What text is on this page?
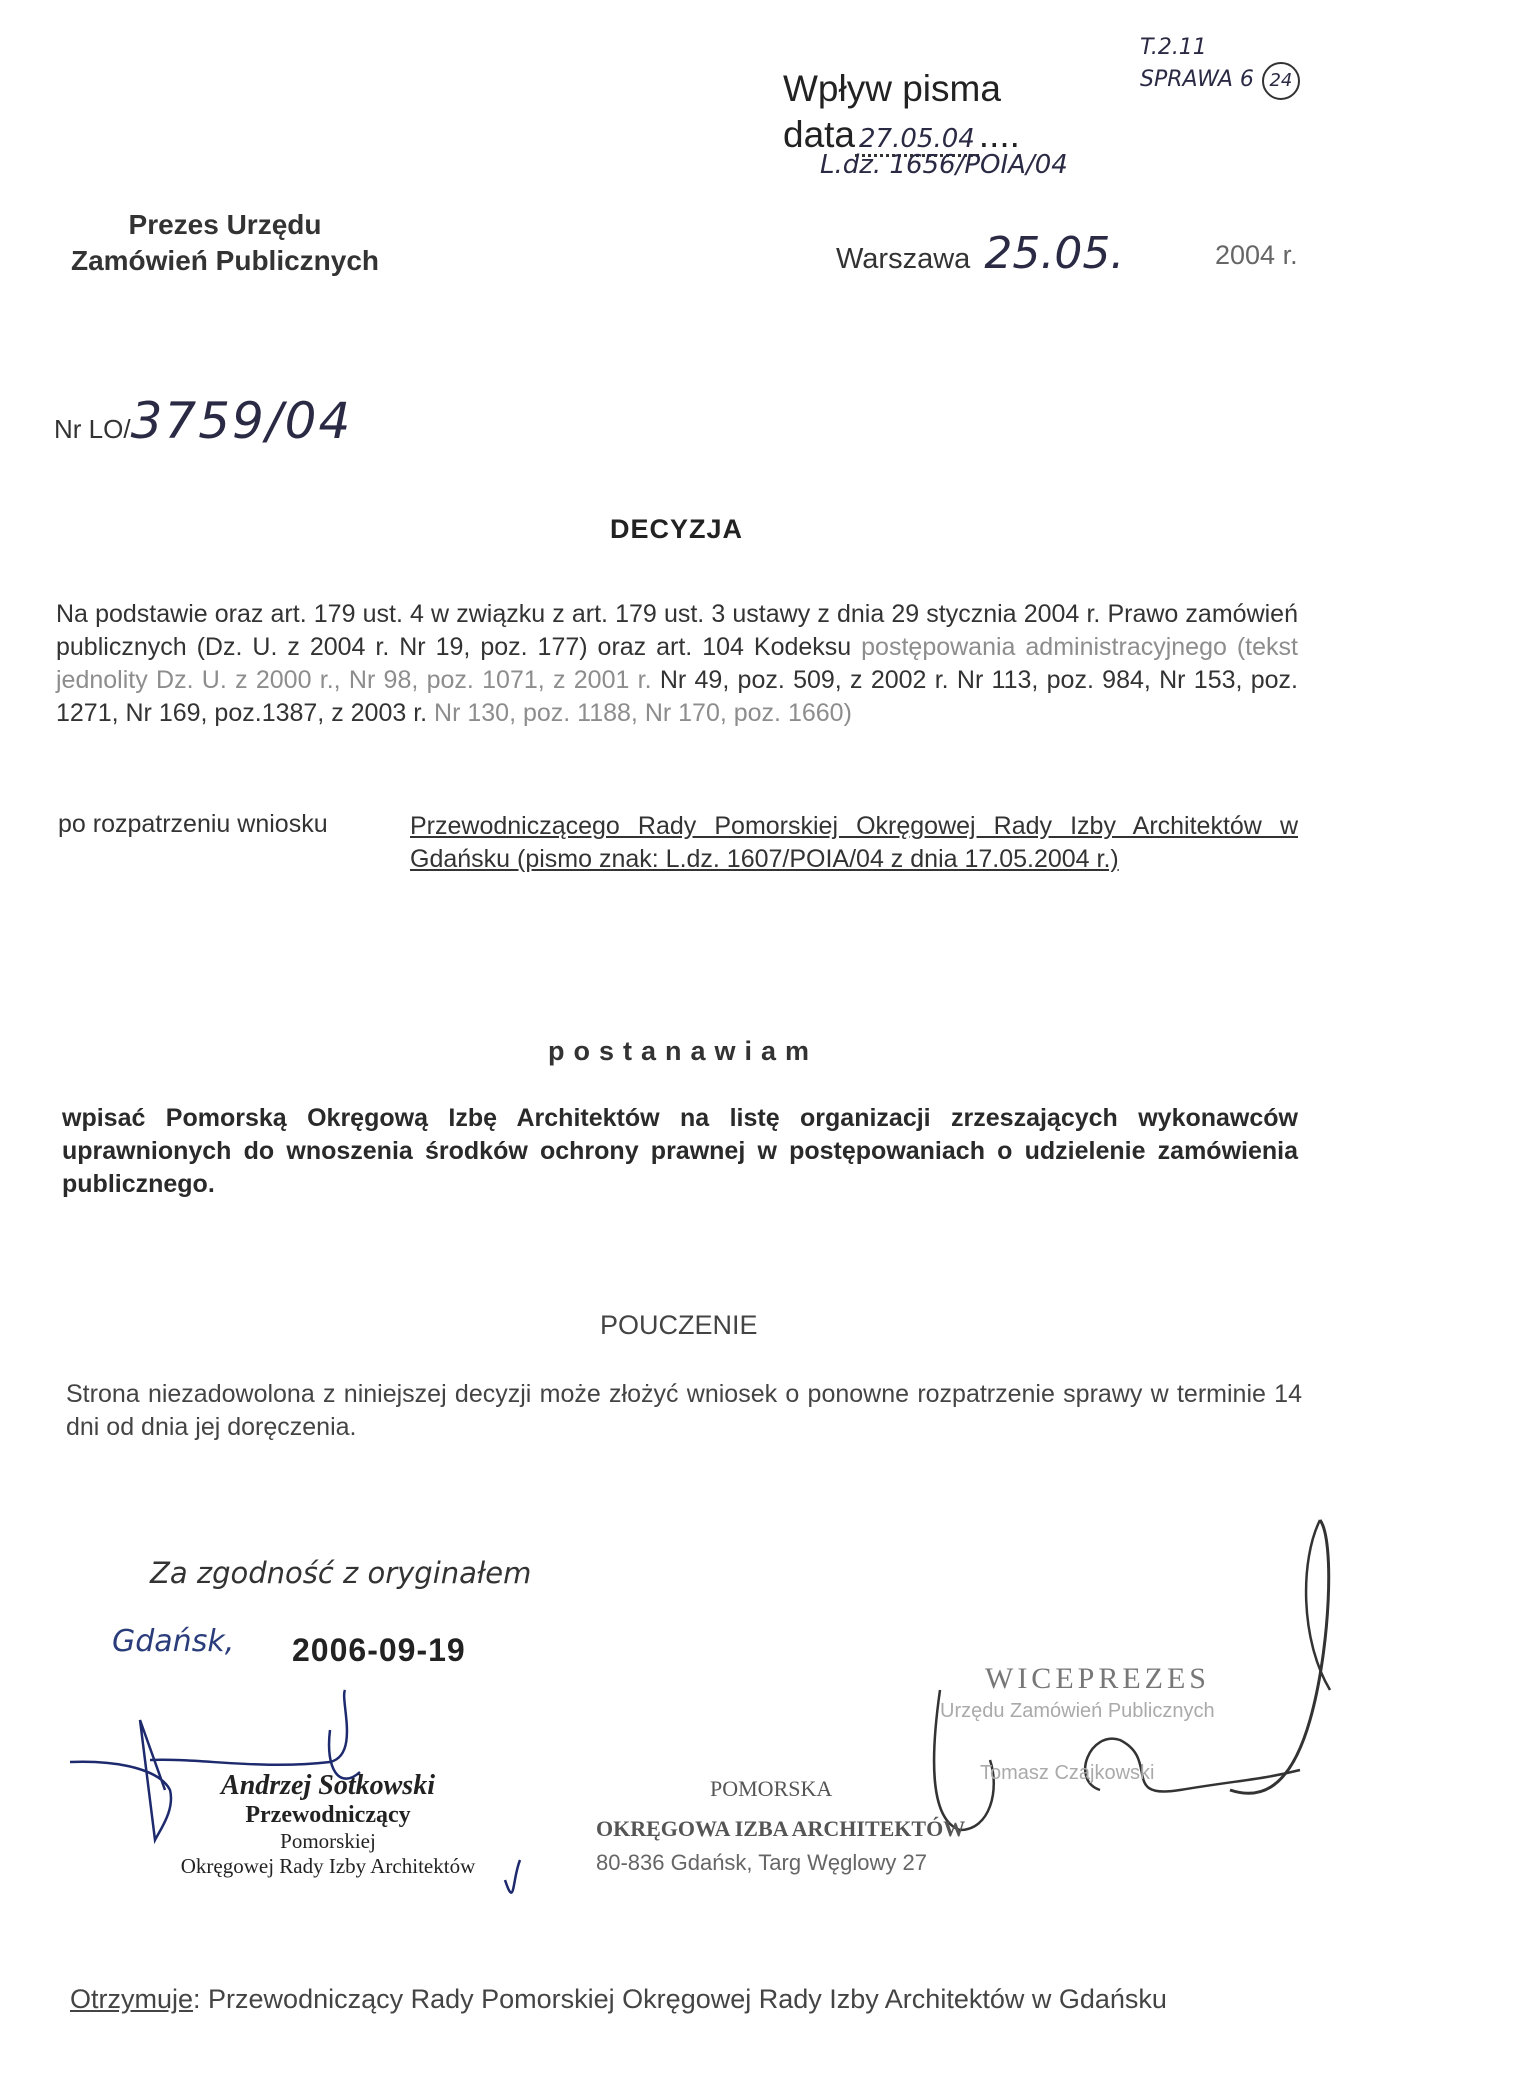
Wpływ pisma
data 27.05.04 ....
L.dz. 1656/POIA/04
T.2.11
SPRAWA 6 24
Prezes Urzędu
Zamówień Publicznych	Warszawa 25.05.	2004 r.
Nr LO/3759/04
DECYZJA
Na podstawie oraz art. 179 ust. 4 w związku z art. 179 ust. 3 ustawy z dnia 29 stycznia 2004 r. Prawo zamówień publicznych (Dz. U. z 2004 r. Nr 19, poz. 177) oraz art. 104 Kodeksu postępowania administracyjnego (tekst jednolity Dz. U. z 2000 r., Nr 98, poz. 1071, z 2001 r. Nr 49, poz. 509, z 2002 r. Nr 113, poz. 984, Nr 153, poz. 1271, Nr 169, poz.1387, z 2003 r. Nr 130, poz. 1188, Nr 170, poz. 1660)
po rozpatrzeniu wniosku	Przewodniczącego Rady Pomorskiej Okręgowej Rady Izby Architektów w Gdańsku (pismo znak: L.dz. 1607/POIA/04 z dnia 17.05.2004 r.)
postanawiam
wpisać Pomorską Okręgową Izbę Architektów na listę organizacji zrzeszających wykonawców uprawnionych do wnoszenia środków ochrony prawnej w postępowaniach o udzielenie zamówienia publicznego.
POUCZENIE
Strona niezadowolona z niniejszej decyzji może złożyć wniosek o ponowne rozpatrzenie sprawy w terminie 14 dni od dnia jej doręczenia.
Za zgodność z oryginałem
Gdańsk, 2006-09-19
Andrzej Sotkowski
Przewodniczący
Pomorskiej
Okręgowej Rady Izby Architektów
WICEPREZES
Urzędu Zamówień Publicznych
Tomasz Czajkowski
POMORSKA
OKRĘGOWA IZBA ARCHITEKTÓW
80-836 Gdańsk, Targ Węglowy 27
Otrzymuje: Przewodniczący Rady Pomorskiej Okręgowej Rady Izby Architektów w Gdańsku
